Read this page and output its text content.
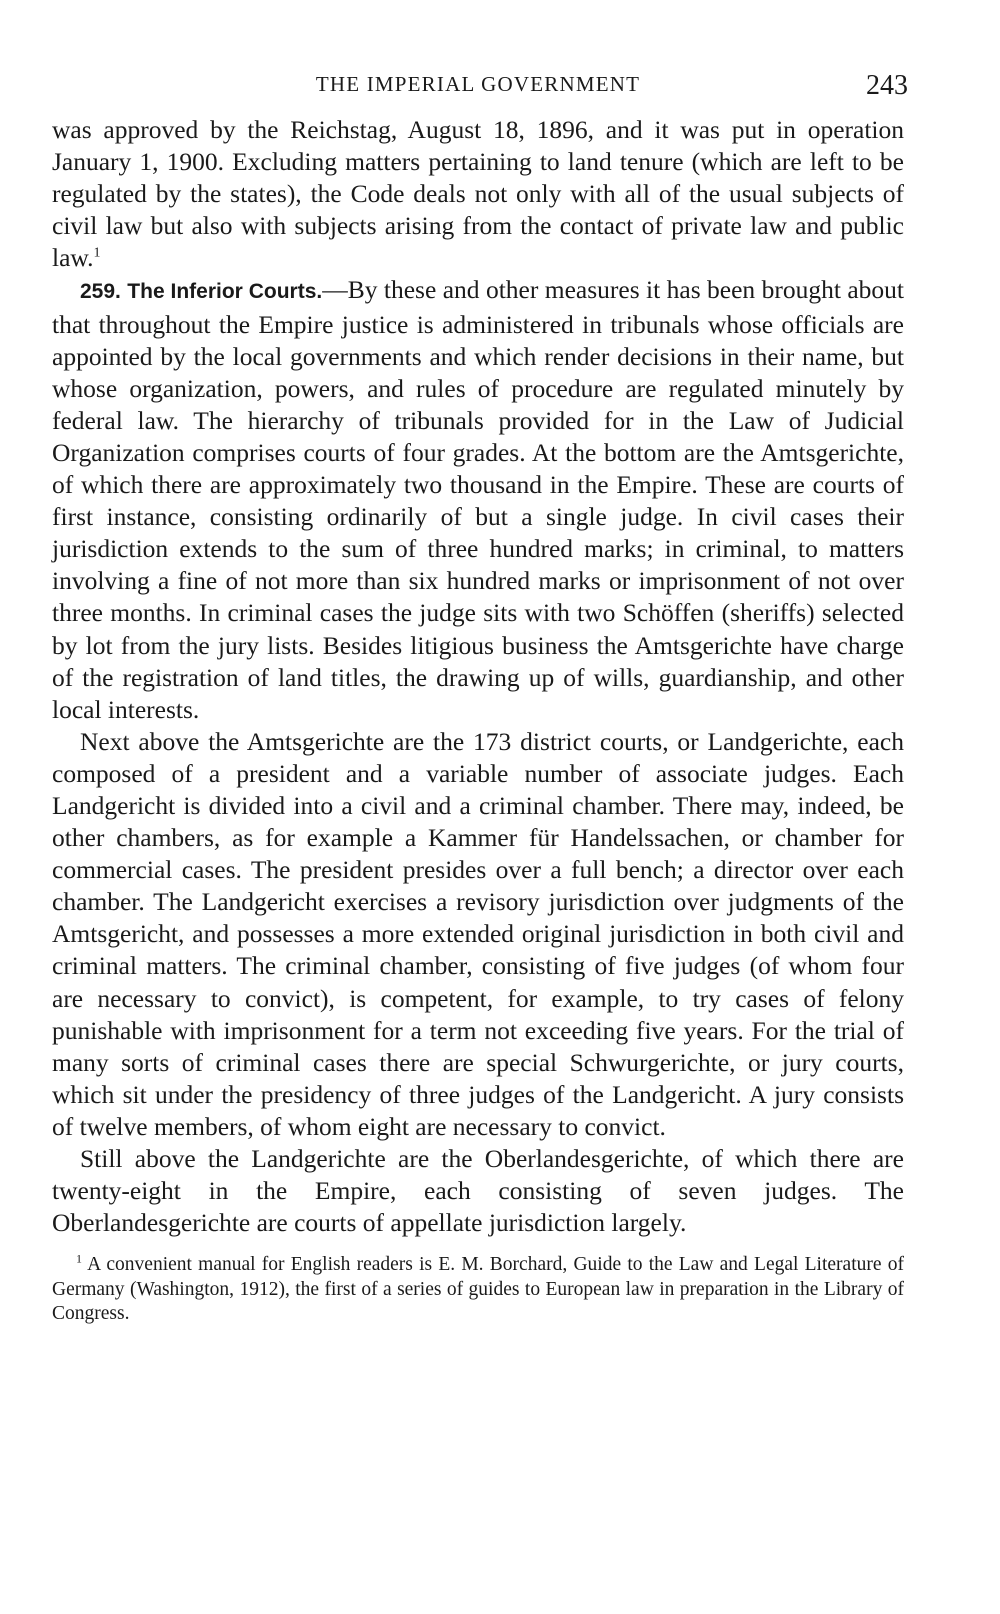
THE IMPERIAL GOVERNMENT	243

was approved by the Reichstag, August 18, 1896, and it was put in operation January 1, 1900. Excluding matters pertaining to land tenure (which are left to be regulated by the states), the Code deals not only with all of the usual subjects of civil law but also with subjects arising from the contact of private law and public law.$^1$

259. The Inferior Courts.—By these and other measures it has been brought about that throughout the Empire justice is administered in tribunals whose officials are appointed by the local governments and which render decisions in their name, but whose organization, powers, and rules of procedure are regulated minutely by federal law. The hierarchy of tribunals provided for in the Law of Judicial Organization comprises courts of four grades. At the bottom are the Amtsgerichte, of which there are approximately two thousand in the Empire. These are courts of first instance, consisting ordinarily of but a single judge. In civil cases their jurisdiction extends to the sum of three hundred marks; in criminal, to matters involving a fine of not more than six hundred marks or imprisonment of not over three months. In criminal cases the judge sits with two Schöffen (sheriffs) selected by lot from the jury lists. Besides litigious business the Amtsgerichte have charge of the registration of land titles, the drawing up of wills, guardianship, and other local interests.

Next above the Amtsgerichte are the 173 district courts, or Landgerichte, each composed of a president and a variable number of associate judges. Each Landgericht is divided into a civil and a criminal chamber. There may, indeed, be other chambers, as for example a Kammer für Handelssachen, or chamber for commercial cases. The president presides over a full bench; a director over each chamber. The Landgericht exercises a revisory jurisdiction over judgments of the Amtsgericht, and possesses a more extended original jurisdiction in both civil and criminal matters. The criminal chamber, consisting of five judges (of whom four are necessary to convict), is competent, for example, to try cases of felony punishable with imprisonment for a term not exceeding five years. For the trial of many sorts of criminal cases there are special Schwurgerichte, or jury courts, which sit under the presidency of three judges of the Landgericht. A jury consists of twelve members, of whom eight are necessary to convict.

Still above the Landgerichte are the Oberlandesgerichte, of which there are twenty-eight in the Empire, each consisting of seven judges. The Oberlandesgerichte are courts of appellate jurisdiction largely.

$^1$ A convenient manual for English readers is E. M. Borchard, Guide to the Law and Legal Literature of Germany (Washington, 1912), the first of a series of guides to European law in preparation in the Library of Congress.
